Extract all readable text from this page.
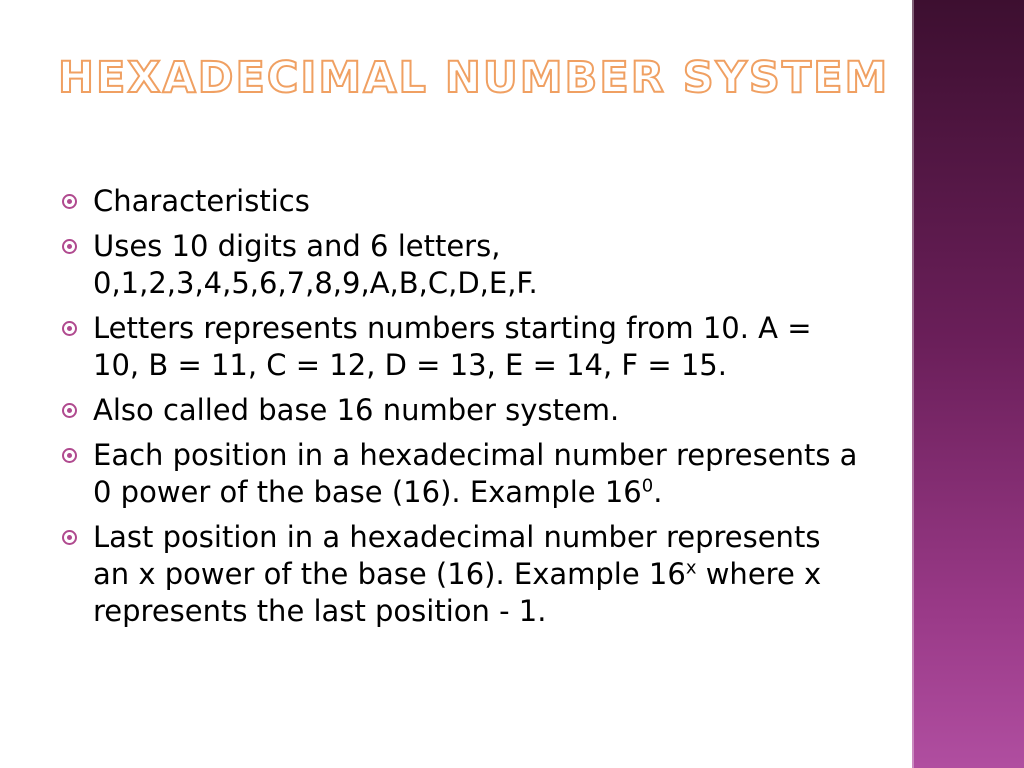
HEXADECIMAL NUMBER SYSTEM
Characteristics
Uses 10 digits and 6 letters, 0,1,2,3,4,5,6,7,8,9,A,B,C,D,E,F.
Letters represents numbers starting from 10. A = 10, B = 11, C = 12, D = 13, E = 14, F = 15.
Also called base 16 number system.
Each position in a hexadecimal number represents a 0 power of the base (16). Example $16^0$.
Last position in a hexadecimal number represents an x power of the base (16). Example 16$^x$ where x represents the last position - 1.
